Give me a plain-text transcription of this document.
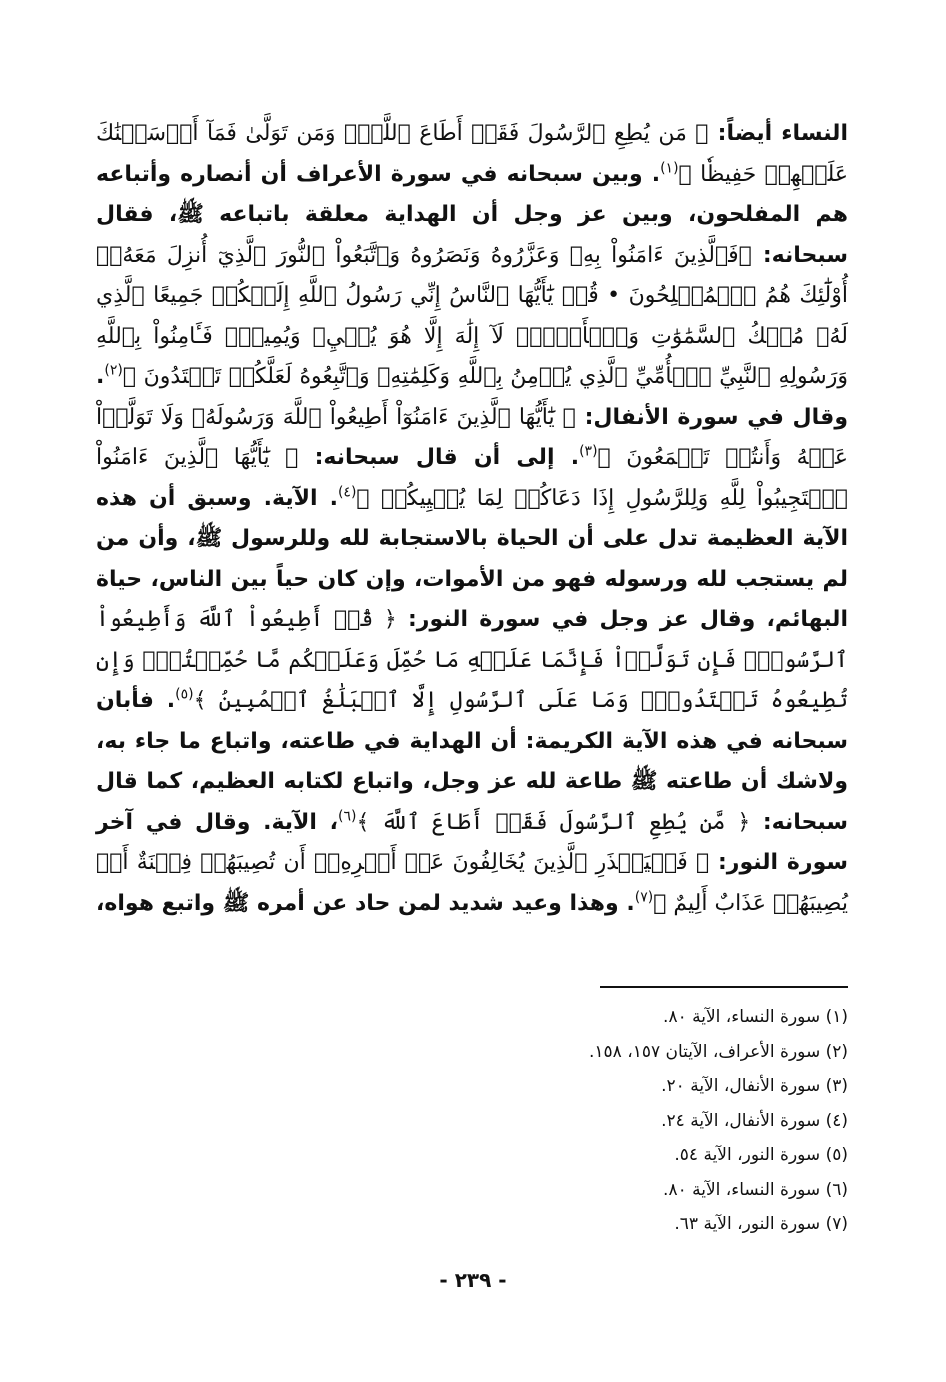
النساء أيضاً: ﴿ مَن يُطِعِ ٱلرَّسُولَ فَقَدۡ أَطَاعَ ٱللَّهَۖ وَمَن تَوَلَّىٰ فَمَآ أَرۡسَلۡنَٰكَ عَلَيۡهِمۡ حَفِيظٗا ﴾$^{(١)}$. وبين سبحانه في سورة الأعراف أن أنصاره وأتباعه هم المفلحون، وبين عز وجل أن الهداية معلقة باتباعه ﷺ، فقال سبحانه: ﴿فَٱلَّذِينَ ءَامَنُواْ بِهِۦ وَعَزَّرُوهُ وَنَصَرُوهُ وَٱتَّبَعُواْ ٱلنُّورَ ٱلَّذِيٓ أُنزِلَ مَعَهُۥٓ أُوْلَٰٓئِكَ هُمُ ٱلۡمُفۡلِحُونَ • قُلۡ يَٰٓأَيُّهَا ٱلنَّاسُ إِنِّي رَسُولُ ٱللَّهِ إِلَيۡكُمۡ جَمِيعًا ٱلَّذِي لَهُۥ مُلۡكُ ٱلسَّمَٰوَٰتِ وَٱلۡأَرۡضِۖ لَآ إِلَٰهَ إِلَّا هُوَ يُحۡيِۦ وَيُمِيتُۖ فَـَٔامِنُواْ بِٱللَّهِ وَرَسُولِهِ ٱلنَّبِيِّ ٱلۡأُمِّيِّ ٱلَّذِي يُؤۡمِنُ بِٱللَّهِ وَكَلِمَٰتِهِۦ وَٱتَّبِعُوهُ لَعَلَّكُمۡ تَهۡتَدُونَ ﴾$^{(٢)}$. وقال في سورة الأنفال: ﴿ يَٰٓأَيُّهَا ٱلَّذِينَ ءَامَنُوٓاْ أَطِيعُواْ ٱللَّهَ وَرَسُولَهُۥ وَلَا تَوَلَّوۡاْ عَنۡهُ وَأَنتُمۡ تَسۡمَعُونَ ﴾$^{(٣)}$. إلى أن قال سبحانه: ﴿ يَٰٓأَيُّهَا ٱلَّذِينَ ءَامَنُواْ ٱسۡتَجِيبُواْ لِلَّهِ وَلِلرَّسُولِ إِذَا دَعَاكُمۡ لِمَا يُحۡيِيكُمۡ ﴾$^{(٤)}$. الآية. وسبق أن هذه الآية العظيمة تدل على أن الحياة بالاستجابة لله وللرسول ﷺ، وأن من لم يستجب لله ورسوله فهو من الأموات، وإن كان حياً بين الناس، حياة البهائم، وقال عز وجل في سورة النور: ﴿ قُلۡ أَطِيعُواْ ٱللَّهَ وَأَطِيعُواْ ٱلرَّسُولَۖ فَإِن تَوَلَّوۡاْ فَإِنَّمَا عَلَيۡهِ مَا حُمِّلَ وَعَلَيۡكُم مَّا حُمِّلۡتُمۡۖ وَإِن تُطِيعُوهُ تَهۡتَدُواْۚ وَمَا عَلَى ٱلرَّسُولِ إِلَّا ٱلۡبَلَٰغُ ٱلۡمُبِينُ ﴾$^{(٥)}$. فأبان سبحانه في هذه الآية الكريمة: أن الهداية في طاعته، واتباع ما جاء به، ولاشك أن طاعته ﷺ طاعة لله عز وجل، واتباع لكتابه العظيم، كما قال سبحانه: ﴿ مَّن يُطِعِ ٱلرَّسُولَ فَقَدۡ أَطَاعَ ٱللَّهَ ﴾$^{(٦)}$، الآية. وقال في آخر سورة النور: ﴿ فَلۡيَحۡذَرِ ٱلَّذِينَ يُخَالِفُونَ عَنۡ أَمۡرِهِۦٓ أَن تُصِيبَهُمۡ فِتۡنَةٌ أَوۡ يُصِيبَهُمۡ عَذَابٌ أَلِيمٌ ﴾$^{(٧)}$. وهذا وعيد شديد لمن حاد عن أمره ﷺ واتبع هواه،

(١) سورة النساء، الآية ٨٠.
(٢) سورة الأعراف، الآيتان ١٥٧، ١٥٨.
(٣) سورة الأنفال، الآية ٢٠.
(٤) سورة الأنفال، الآية ٢٤.
(٥) سورة النور، الآية ٥٤.
(٦) سورة النساء، الآية ٨٠.
(٧) سورة النور، الآية ٦٣.
- ٢٣٩ -
